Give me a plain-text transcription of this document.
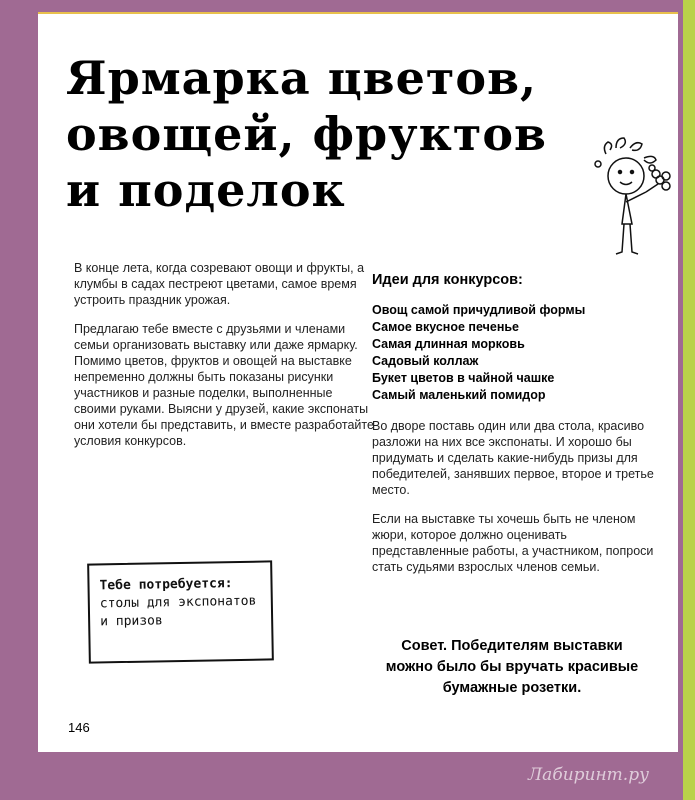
Ярмарка цветов,
овощей, фруктов
и поделок

В конце лета, когда созревают овощи и фрукты, а клумбы в садах пестреют цветами, самое время устроить праздник урожая.

Предлагаю тебе вместе с друзьями и членами семьи организовать выставку или даже ярмарку. Помимо цветов, фруктов и овощей на выставке непременно должны быть показаны рисунки участников и разные поделки, выполненные своими руками. Выясни у друзей, какие экспонаты они хотели бы представить, и вместе разработайте условия конкурсов.

Идеи для конкурсов:
Овощ самой причудливой формы
Самое вкусное печенье
Самая длинная морковь
Садовый коллаж
Букет цветов в чайной чашке
Самый маленький помидор

Во дворе поставь один или два стола, красиво разложи на них все экспонаты. И хорошо бы придумать и сделать какие-нибудь призы для победителей, занявших первое, второе и третье место.

Если на выставке ты хочешь быть не членом жюри, которое должно оценивать представленные работы, а участником, попроси стать судьями взрослых членов семьи.

Тебе потребуется:
столы для экспонатов и призов
Совет. Победителям выставки можно было бы вручать красивые бумажные розетки.
146
Лабиринт.ру
